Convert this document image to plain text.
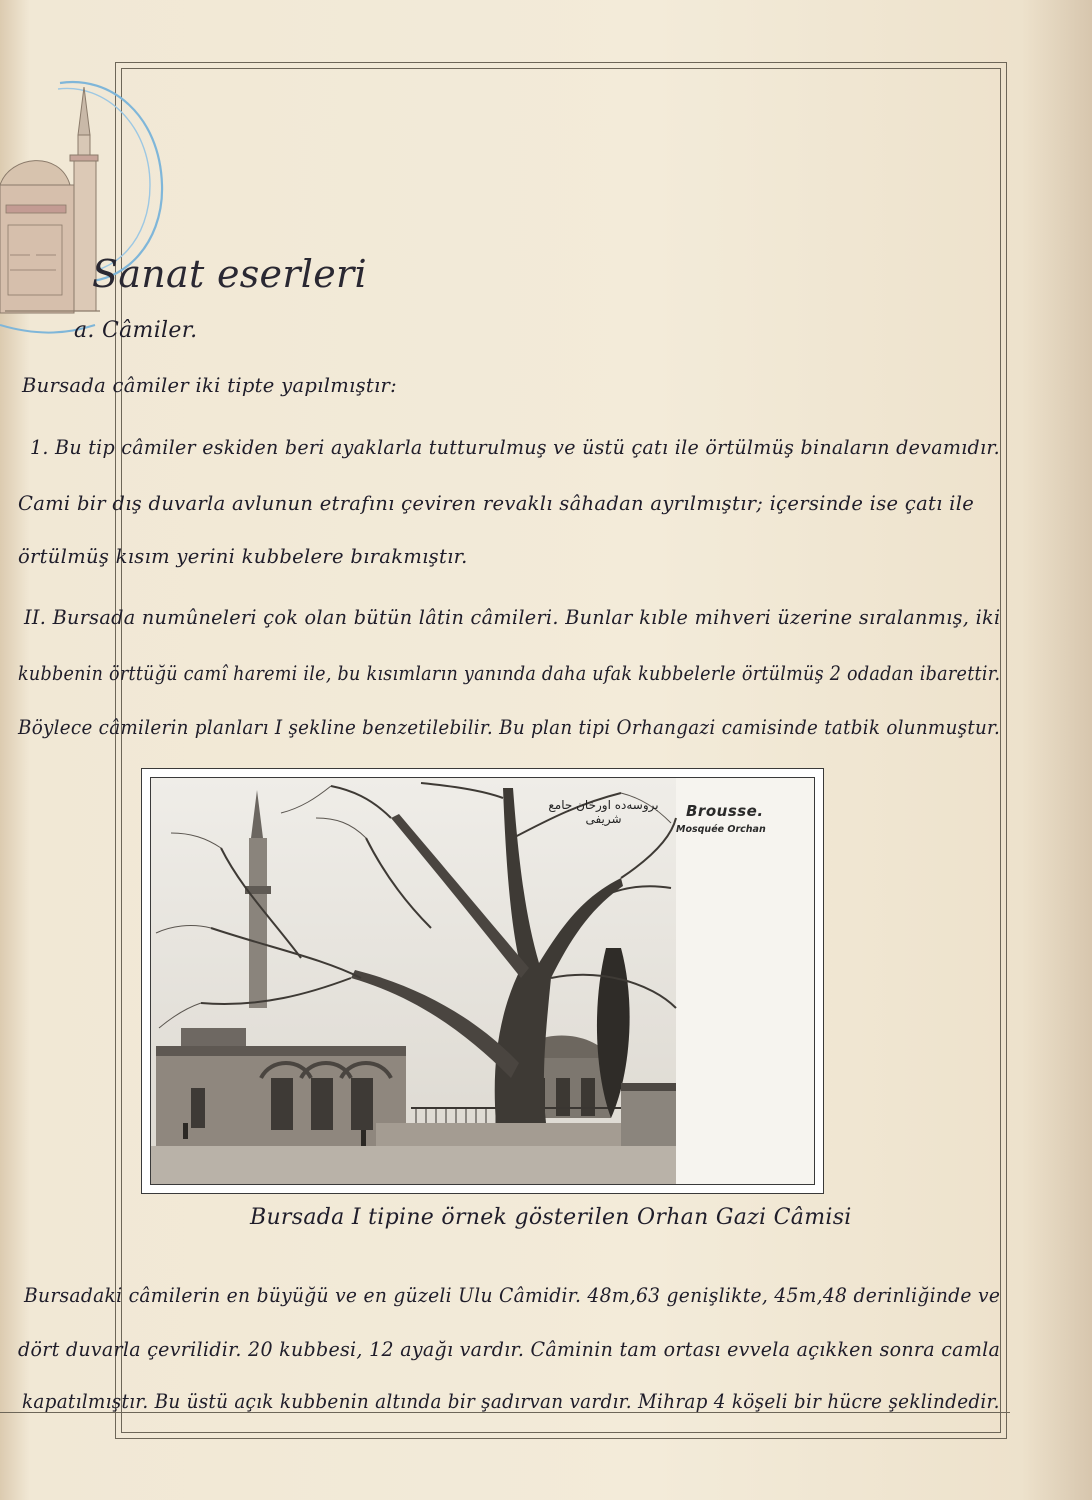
Sanat eserleri
a. Câmiler.
Bursada câmiler iki tipte yapılmıştır:
1. Bu tip câmiler eskiden beri ayaklarla tutturulmuş ve üstü çatı ile örtülmüş binaların devamıdır.
Cami bir dış duvarla avlunun etrafını çeviren revaklı sâhadan ayrılmıştır; içersinde ise çatı ile
örtülmüş kısım yerini kubbelere bırakmıştır.
II. Bursada numûneleri çok olan bütün lâtin câmileri. Bunlar kıble mihveri üzerine sıralanmış, iki
kubbenin örttüğü camî haremi ile, bu kısımların yanında daha ufak kubbelerle örtülmüş 2 odadan ibarettir.
Böylece câmilerin planları I şekline benzetilebilir. Bu plan tipi Orhangazi camisinde tatbik olunmuştur.
بروسه‌ده اورخان جامع شریفی	Brousse.
Mosquée Orchan
Bursada I tipine örnek gösterilen Orhan Gazi Câmisi
Bursadaki câmilerin en büyüğü ve en güzeli Ulu Câmidir. 48m,63 genişlikte, 45m,48 derinliğinde ve
dört duvarla çevrilidir. 20 kubbesi, 12 ayağı vardır. Câminin tam ortası evvela açıkken sonra camla
kapatılmıştır. Bu üstü açık kubbenin altında bir şadırvan vardır. Mihrap 4 köşeli bir hücre şeklindedir.
